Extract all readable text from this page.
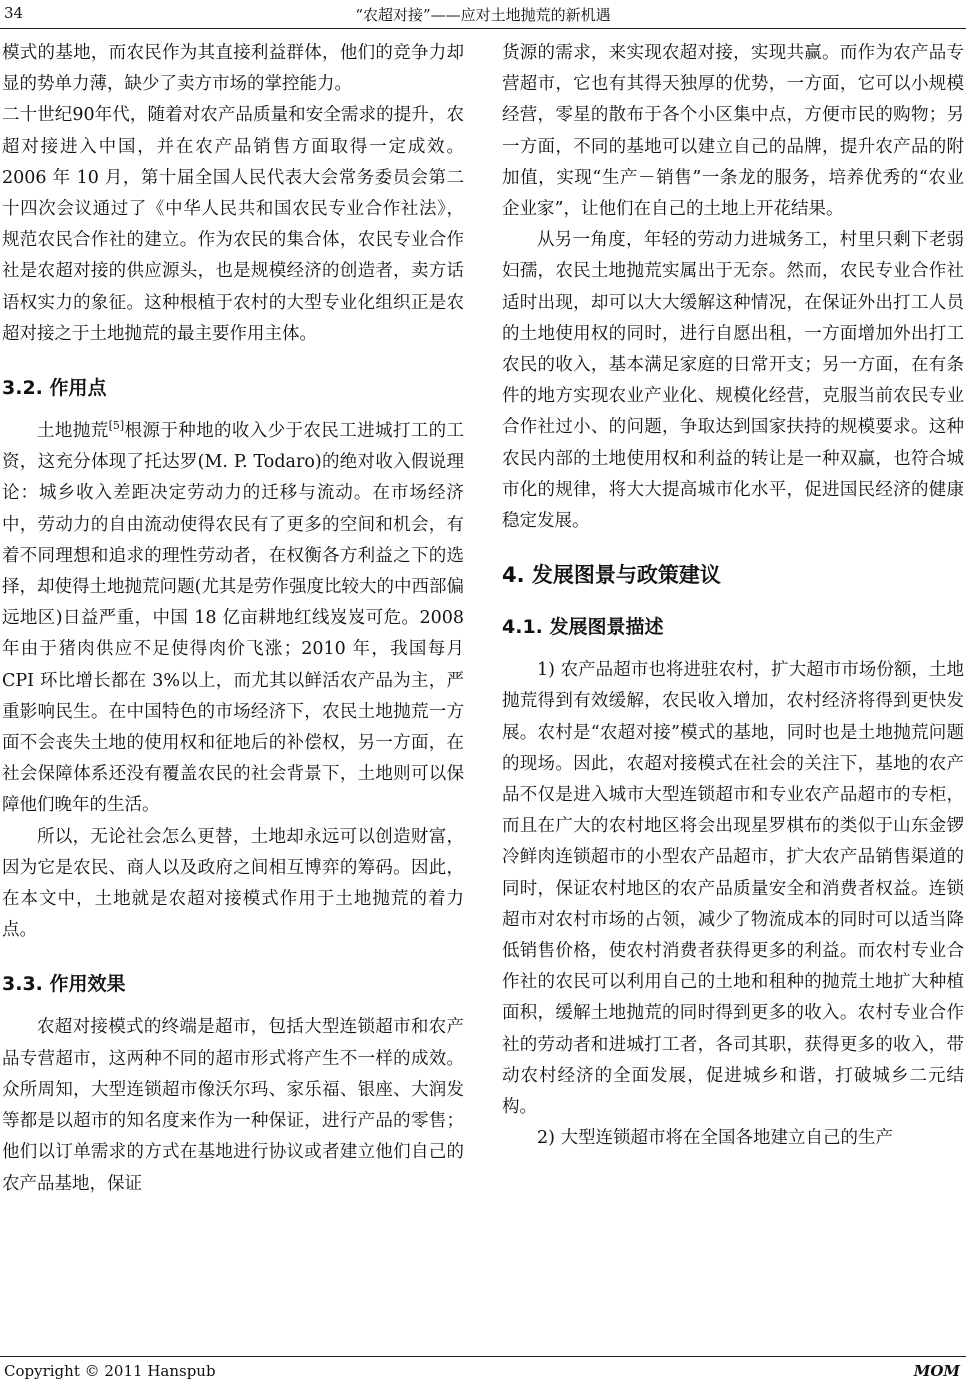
34	“农超对接”——应对土地抛荒的新机遇

模式的基地，而农民作为其直接利益群体，他们的竞争力却显的势单力薄，缺少了卖方市场的掌控能力。

二十世纪90年代，随着对农产品质量和安全需求的提升，农超对接进入中国，并在农产品销售方面取得一定成效。2006 年 10 月，第十届全国人民代表大会常务委员会第二十四次会议通过了《中华人民共和国农民专业合作社法》，规范农民合作社的建立。作为农民的集合体，农民专业合作社是农超对接的供应源头，也是规模经济的创造者，卖方话语权实力的象征。这种根植于农村的大型专业化组织正是农超对接之于土地抛荒的最主要作用主体。

3.2. 作用点

土地抛荒[5]根源于种地的收入少于农民工进城打工的工资，这充分体现了托达罗(M. P. Todaro)的绝对收入假说理论：城乡收入差距决定劳动力的迁移与流动。在市场经济中，劳动力的自由流动使得农民有了更多的空间和机会，有着不同理想和追求的理性劳动者，在权衡各方利益之下的选择，却使得土地抛荒问题(尤其是劳作强度比较大的中西部偏远地区)日益严重，中国 18 亿亩耕地红线岌岌可危。2008 年由于猪肉供应不足使得肉价飞涨；2010 年，我国每月 CPI 环比增长都在 3%以上，而尤其以鲜活农产品为主，严重影响民生。在中国特色的市场经济下，农民土地抛荒一方面不会丧失土地的使用权和征地后的补偿权，另一方面，在社会保障体系还没有覆盖农民的社会背景下，土地则可以保障他们晚年的生活。

所以，无论社会怎么更替，土地却永远可以创造财富，因为它是农民、商人以及政府之间相互博弈的筹码。因此，在本文中，土地就是农超对接模式作用于土地抛荒的着力点。

3.3. 作用效果

农超对接模式的终端是超市，包括大型连锁超市和农产品专营超市，这两种不同的超市形式将产生不一样的成效。众所周知，大型连锁超市像沃尔玛、家乐福、银座、大润发等都是以超市的知名度来作为一种保证，进行产品的零售；他们以订单需求的方式在基地进行协议或者建立他们自己的农产品基地，保证

货源的需求，来实现农超对接，实现共赢。而作为农产品专营超市，它也有其得天独厚的优势，一方面，它可以小规模经营，零星的散布于各个小区集中点，方便市民的购物；另一方面，不同的基地可以建立自己的品牌，提升农产品的附加值，实现“生产－销售”一条龙的服务，培养优秀的“农业企业家”，让他们在自己的土地上开花结果。

从另一角度，年轻的劳动力进城务工，村里只剩下老弱妇孺，农民土地抛荒实属出于无奈。然而，农民专业合作社适时出现，却可以大大缓解这种情况，在保证外出打工人员的土地使用权的同时，进行自愿出租，一方面增加外出打工农民的收入，基本满足家庭的日常开支；另一方面，在有条件的地方实现农业产业化、规模化经营，克服当前农民专业合作社过小、的问题，争取达到国家扶持的规模要求。这种农民内部的土地使用权和利益的转让是一种双赢，也符合城市化的规律，将大大提高城市化水平，促进国民经济的健康稳定发展。

4. 发展图景与政策建议
4.1. 发展图景描述

1) 农产品超市也将进驻农村，扩大超市市场份额，土地抛荒得到有效缓解，农民收入增加，农村经济将得到更快发展。农村是“农超对接”模式的基地，同时也是土地抛荒问题的现场。因此，农超对接模式在社会的关注下，基地的农产品不仅是进入城市大型连锁超市和专业农产品超市的专柜，而且在广大的农村地区将会出现星罗棋布的类似于山东金锣冷鲜肉连锁超市的小型农产品超市，扩大农产品销售渠道的同时，保证农村地区的农产品质量安全和消费者权益。连锁超市对农村市场的占领，减少了物流成本的同时可以适当降低销售价格，使农村消费者获得更多的利益。而农村专业合作社的农民可以利用自己的土地和租种的抛荒土地扩大种植面积，缓解土地抛荒的同时得到更多的收入。农村专业合作社的劳动者和进城打工者，各司其职，获得更多的收入，带动农村经济的全面发展，促进城乡和谐，打破城乡二元结构。

2) 大型连锁超市将在全国各地建立自己的生产

Copyright © 2011 Hanspub	MOM
